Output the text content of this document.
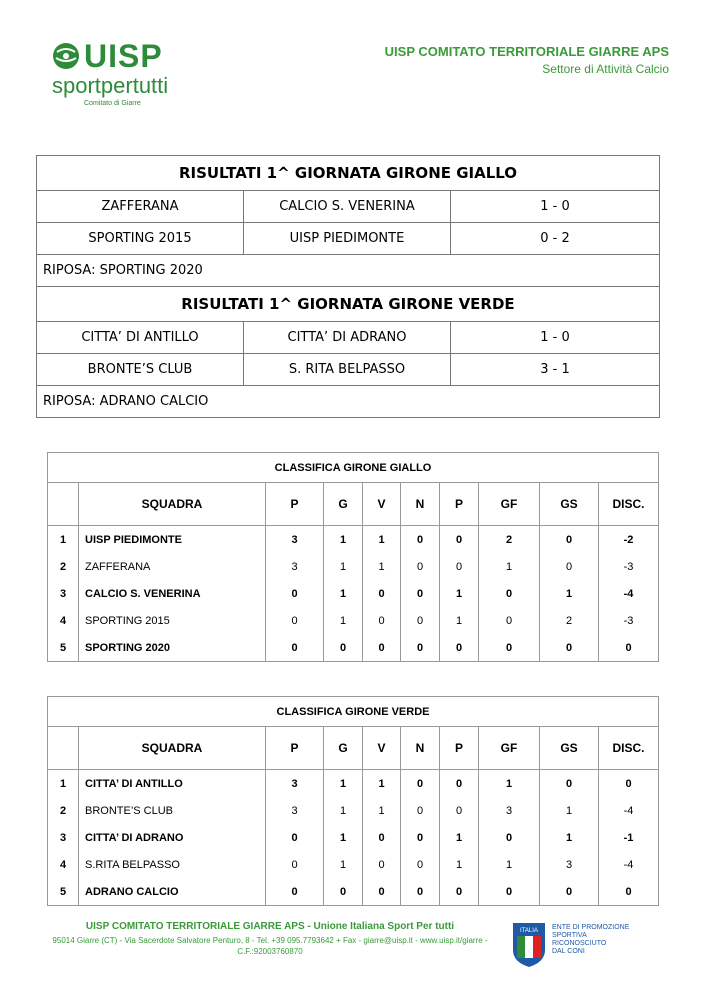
UISP
sportpertutti
Comitato di Giarre
UISP COMITATO TERRITORIALE GIARRE APS
Settore di Attività Calcio
RISULTATI 1^ GIORNATA GIRONE GIALLO		
ZAFFERANA	CALCIO S. VENERINA	1 - 0
SPORTING 2015	UISP PIEDIMONTE	0 - 2
RIPOSA: SPORTING 2020		
RISULTATI 1^ GIORNATA GIRONE VERDE		
CITTA’ DI ANTILLO	CITTA’ DI ADRANO	1 - 0
BRONTE’S CLUB	S. RITA BELPASSO	3 - 1
RIPOSA: ADRANO CALCIO		
CLASSIFICA GIRONE GIALLO									
	SQUADRA	P	G	V	N	P	GF	GS	DISC.
1	UISP PIEDIMONTE	3	1	1	0	0	2	0	-2
2	ZAFFERANA	3	1	1	0	0	1	0	-3
3	CALCIO S. VENERINA	0	1	0	0	1	0	1	-4
4	SPORTING 2015	0	1	0	0	1	0	2	-3
5	SPORTING 2020	0	0	0	0	0	0	0	0
CLASSIFICA GIRONE VERDE									
	SQUADRA	P	G	V	N	P	GF	GS	DISC.
1	CITTA’ DI ANTILLO	3	1	1	0	0	1	0	0
2	BRONTE’S CLUB	3	1	1	0	0	3	1	-4
3	CITTA’ DI ADRANO	0	1	0	0	1	0	1	-1
4	S.RITA BELPASSO	0	1	0	0	1	1	3	-4
5	ADRANO CALCIO	0	0	0	0	0	0	0	0
UISP COMITATO TERRITORIALE GIARRE APS - Unione Italiana Sport Per tutti
95014 Giarre (CT) - Via Sacerdote Salvatore Penturo, 8 - Tel. +39 095.7793642 + Fax - giarre@uisp.it - www.uisp.it/giarre -
C.F.:92003760870
ITALIA ENTE DI PROMOZIONE
SPORTIVA
RICONOSCIUTO
DAL CONI
